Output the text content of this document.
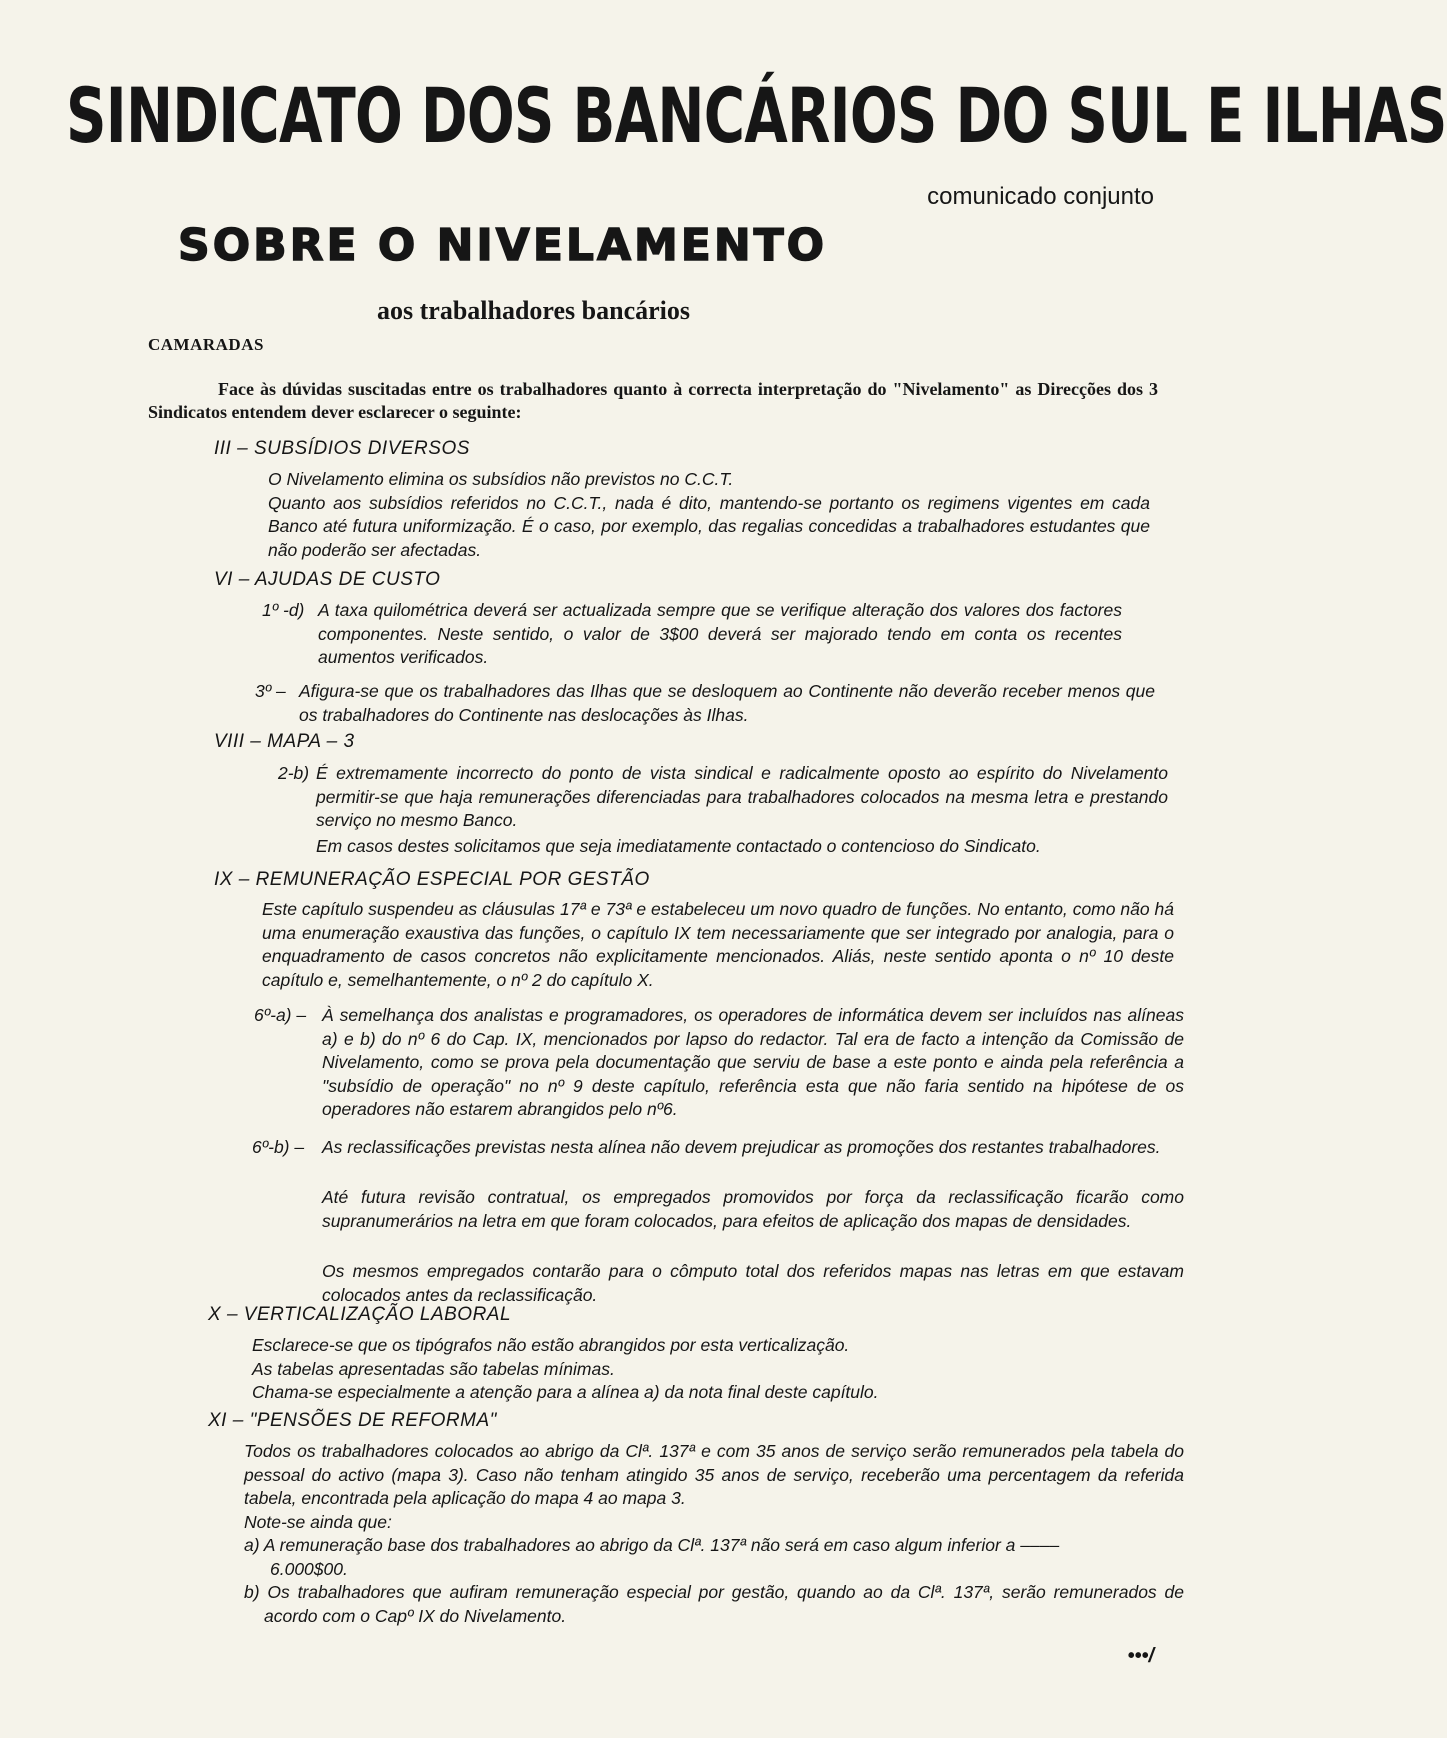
SINDICATO DOS BANCÁRIOS DO SUL E ILHAS
comunicado conjunto
SOBRE O NIVELAMENTO
aos trabalhadores bancários
CAMARADAS
Face às dúvidas suscitadas entre os trabalhadores quanto à correcta interpretação do "Nivelamento" as Direcções dos 3 Sindicatos entendem dever esclarecer o seguinte:
III – SUBSÍDIOS DIVERSOS

O Nivelamento elimina os subsídios não previstos no C.C.T.

Quanto aos subsídios referidos no C.C.T., nada é dito, mantendo-se portanto os regimens vigentes em cada Banco até futura uniformização. É o caso, por exemplo, das regalias concedidas a trabalhadores estudantes que não poderão ser afectadas.

VI – AJUDAS DE CUSTO
1º -d) A taxa quilométrica deverá ser actualizada sempre que se verifique alteração dos valores dos factores componentes. Neste sentido, o valor de 3$00 deverá ser majorado tendo em conta os recentes aumentos verificados.
3º – Afigura-se que os trabalhadores das Ilhas que se desloquem ao Continente não deverão receber menos que os trabalhadores do Continente nas deslocações às Ilhas.
VIII – MAPA – 3
2-b) É extremamente incorrecto do ponto de vista sindical e radicalmente oposto ao espírito do Nivelamento permitir-se que haja remunerações diferenciadas para trabalhadores colocados na mesma letra e prestando serviço no mesmo Banco.
Em casos destes solicitamos que seja imediatamente contactado o contencioso do Sindicato.
IX – REMUNERAÇÃO ESPECIAL POR GESTÃO
Este capítulo suspendeu as cláusulas 17ª e 73ª e estabeleceu um novo quadro de funções. No entanto, como não há uma enumeração exaustiva das funções, o capítulo IX tem necessariamente que ser integrado por analogia, para o enquadramento de casos concretos não explicitamente mencionados. Aliás, neste sentido aponta o nº 10 deste capítulo e, semelhantemente, o nº 2 do capítulo X.
6º-a) – À semelhança dos analistas e programadores, os operadores de informática devem ser incluídos nas alíneas a) e b) do nº 6 do Cap. IX, mencionados por lapso do redactor. Tal era de facto a intenção da Comissão de Nivelamento, como se prova pela documentação que serviu de base a este ponto e ainda pela referência a "subsídio de operação" no nº 9 deste capítulo, referência esta que não faria sentido na hipótese de os operadores não estarem abrangidos pelo nº6.
6º-b) – As reclassificações previstas nesta alínea não devem prejudicar as promoções dos restantes trabalhadores.
Até futura revisão contratual, os empregados promovidos por força da reclassificação ficarão como supranumerários na letra em que foram colocados, para efeitos de aplicação dos mapas de densidades.
Os mesmos empregados contarão para o cômputo total dos referidos mapas nas letras em que estavam colocados antes da reclassificação.
X – VERTICALIZAÇÃO LABORAL

Esclarece-se que os tipógrafos não estão abrangidos por esta verticalização.

As tabelas apresentadas são tabelas mínimas.

Chama-se especialmente a atenção para a alínea a) da nota final deste capítulo.

XI – "PENSÕES DE REFORMA"

Todos os trabalhadores colocados ao abrigo da Clª. 137ª e com 35 anos de serviço serão remunerados pela tabela do pessoal do activo (mapa 3). Caso não tenham atingido 35 anos de serviço, receberão uma percentagem da referida tabela, encontrada pela aplicação do mapa 4 ao mapa 3.

Note-se ainda que:

a) A remuneração base dos trabalhadores ao abrigo da Clª. 137ª não será em caso algum inferior a ––––

6.000$00.

b) Os trabalhadores que aufiram remuneração especial por gestão, quando ao da Clª. 137ª, serão remunerados de acordo com o Capº IX do Nivelamento.

•••/
